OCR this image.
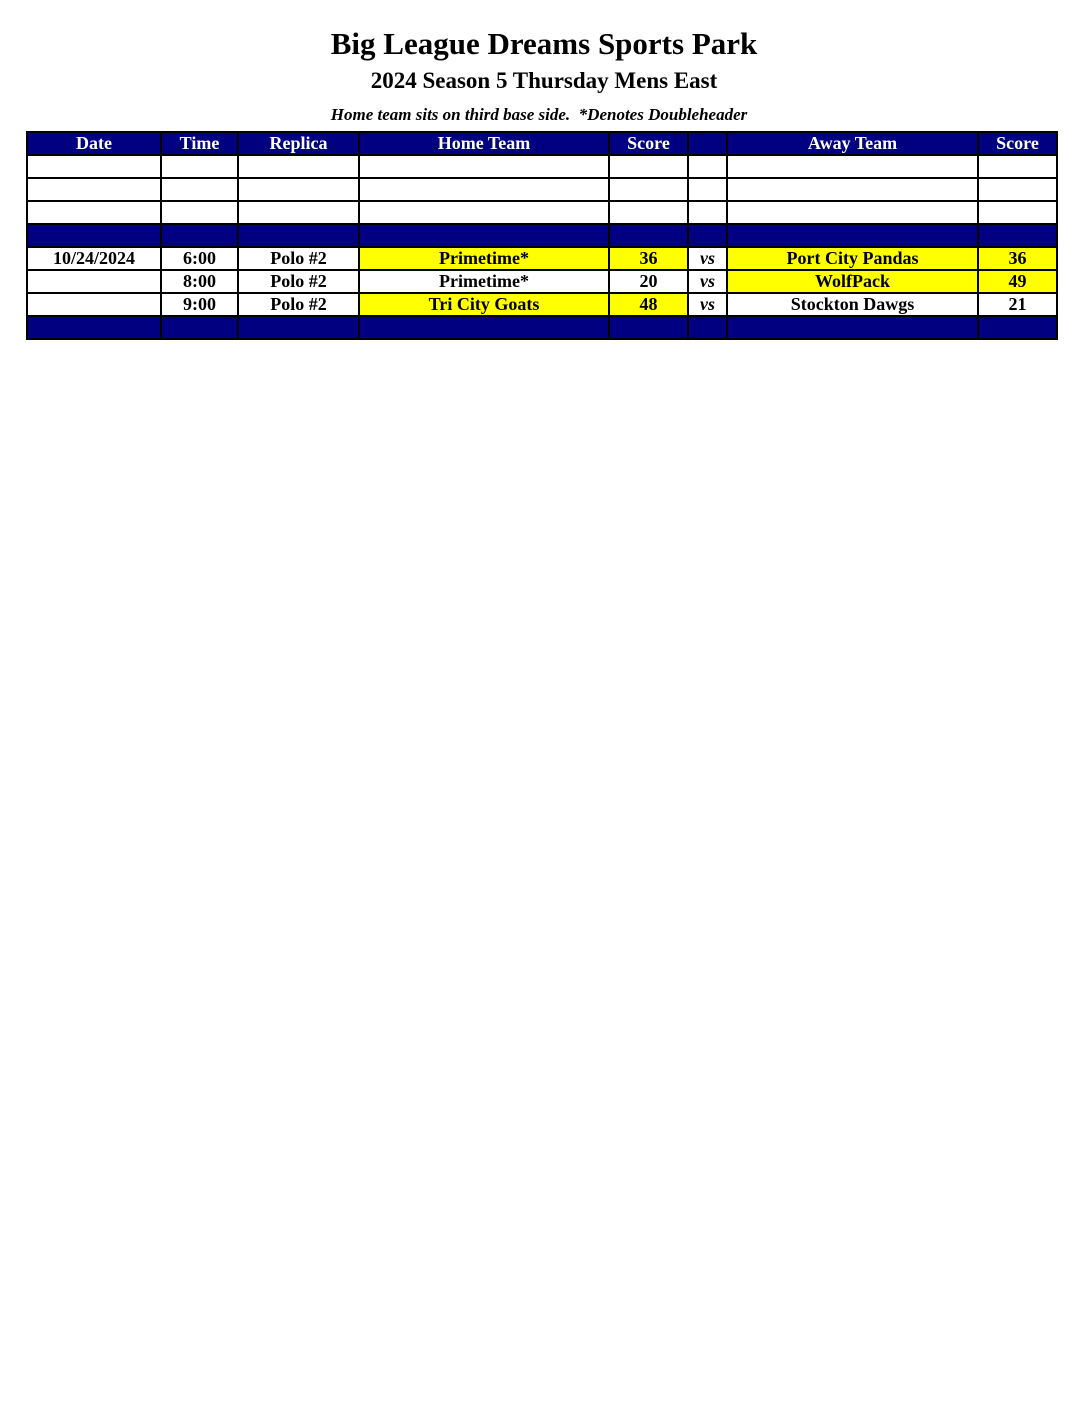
Big League Dreams Sports Park
2024 Season 5 Thursday Mens East

Home team sits on third base side.  *Denotes Doubleheader

Date	Time	Replica	Home Team	Score		Away Team	Score

10/24/2024	6:00	Polo #2	Primetime*	36	vs	Port City Pandas	36
	8:00	Polo #2	Primetime*	20	vs	WolfPack	49
	9:00	Polo #2	Tri City Goats	48	vs	Stockton Dawgs	21
